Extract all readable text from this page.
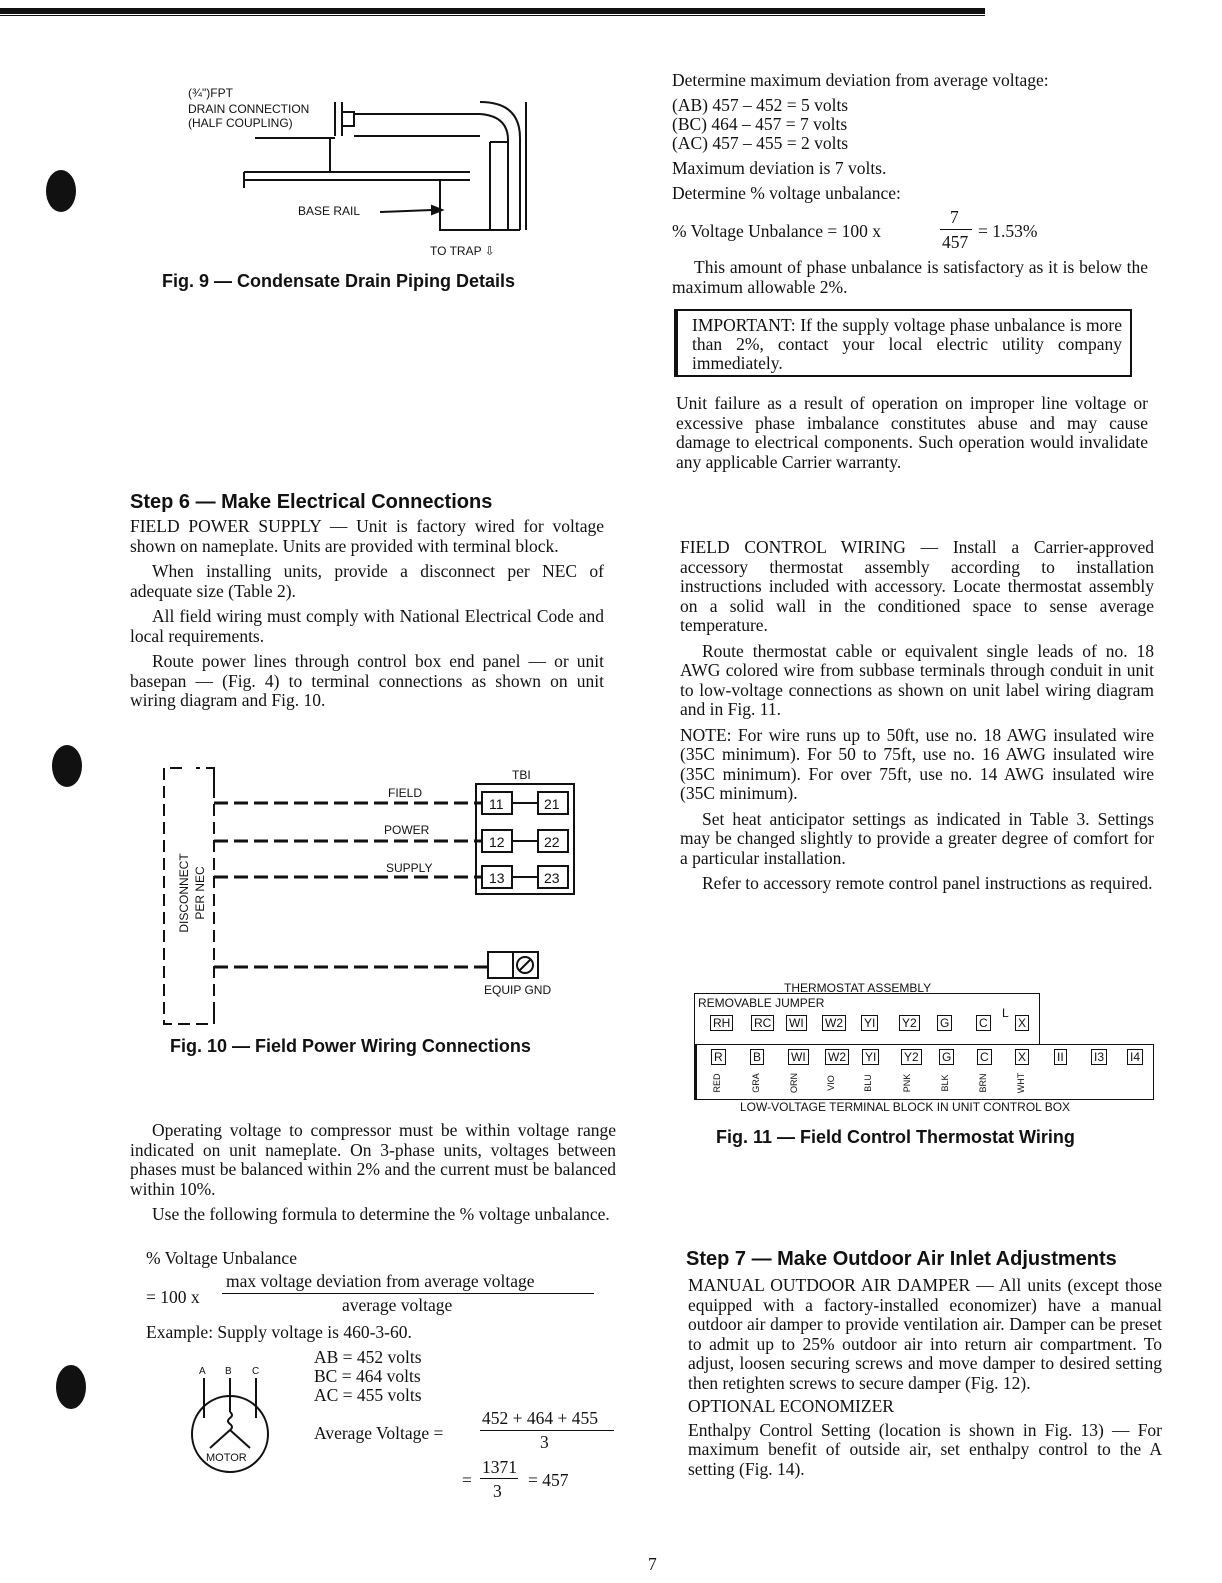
(¾")FPT
DRAIN CONNECTION
(HALF COUPLING)
BASE RAIL
TO TRAP ⇩
Fig. 9 — Condensate Drain Piping Details
Step 6 — Make Electrical Connections

FIELD POWER SUPPLY — Unit is factory wired for voltage shown on nameplate. Units are provided with terminal block.

When installing units, provide a disconnect per NEC of adequate size (Table 2).

All field wiring must comply with National Electrical Code and local requirements.

Route power lines through control box end panel — or unit basepan — (Fig. 4) to terminal connections as shown on unit wiring diagram and Fig. 10.

TBI
FIELD
POWER
SUPPLY
11	21
12	22
13	23
DISCONNECT PER NEC
EQUIP GND
Fig. 10 — Field Power Wiring Connections

Operating voltage to compressor must be within voltage range indicated on unit nameplate. On 3-phase units, voltages between phases must be balanced within 2% and the current must be balanced within 10%.

Use the following formula to determine the % voltage unbalance.

% Voltage Unbalance
= 100 x
max voltage deviation from average voltage
average voltage
Example: Supply voltage is 460-3-60.
AB = 452 volts
BC = 464 volts
AC = 455 volts
Average Voltage =
452 + 464 + 455
3
=
1371
3
= 457
A B C
MOTOR
Determine maximum deviation from average voltage:
(AB) 457 – 452 = 5 volts
(BC) 464 – 457 = 7 volts
(AC) 457 – 455 = 2 volts
Maximum deviation is 7 volts.
Determine % voltage unbalance:
% Voltage Unbalance = 100 x
7
457
= 1.53%

This amount of phase unbalance is satisfactory as it is below the maximum allowable 2%.

IMPORTANT: If the supply voltage phase unbalance is more than 2%, contact your local electric utility company immediately.

Unit failure as a result of operation on improper line voltage or excessive phase imbalance constitutes abuse and may cause damage to electrical components. Such operation would invalidate any applicable Carrier warranty.

FIELD CONTROL WIRING — Install a Carrier-approved accessory thermostat assembly according to installation instructions included with accessory. Locate thermostat assembly on a solid wall in the conditioned space to sense average temperature.

Route thermostat cable or equivalent single leads of no. 18 AWG colored wire from subbase terminals through conduit in unit to low-voltage connections as shown on unit label wiring diagram and in Fig. 11.

NOTE: For wire runs up to 50ft, use no. 18 AWG insulated wire (35C minimum). For 50 to 75ft, use no. 16 AWG insulated wire (35C minimum). For over 75ft, use no. 14 AWG insulated wire (35C minimum).

Set heat anticipator settings as indicated in Table 3. Settings may be changed slightly to provide a greater degree of comfort for a particular installation.

Refer to accessory remote control panel instructions as required.

THERMOSTAT ASSEMBLY
REMOVABLE JUMPER
LOW-VOLTAGE TERMINAL BLOCK IN UNIT CONTROL BOX
RH RC WI W2 YI Y2 G C
L
X
R	B WI W2 YI Y2 G C X	II	I3 I4
RED	GRA	ORN	VIO	BLU	PNK	BLK	BRN	WHT
Fig. 11 — Field Control Thermostat Wiring
Step 7 — Make Outdoor Air Inlet Adjustments

MANUAL OUTDOOR AIR DAMPER — All units (except those equipped with a factory-installed economizer) have a manual outdoor air damper to provide ventilation air. Damper can be preset to admit up to 25% outdoor air into return air compartment. To adjust, loosen securing screws and move damper to desired setting then retighten screws to secure damper (Fig. 12).

OPTIONAL ECONOMIZER

Enthalpy Control Setting (location is shown in Fig. 13) — For maximum benefit of outside air, set enthalpy control to the A setting (Fig. 14).

7
